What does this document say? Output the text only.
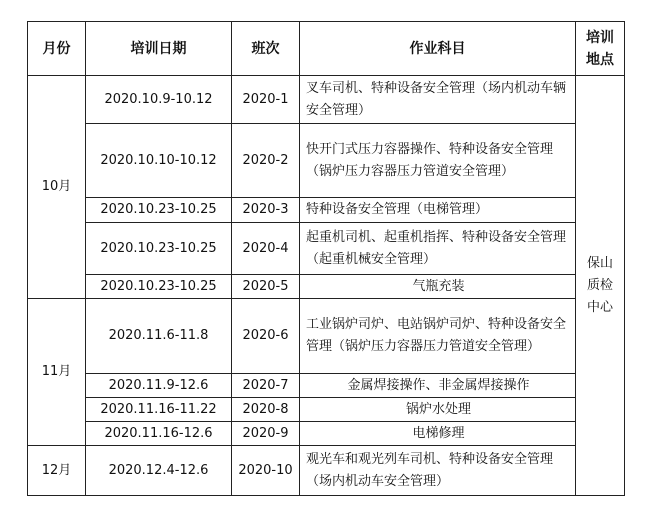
月份	培训日期	班次	作业科目	培训
地点
10月	2020.10.9-10.12	2020-1	叉车司机、特种设备安全管理（场内机动车辆安全管理）	保山
质检
中心
	2020.10.10-10.12	2020-2	快开门式压力容器操作、特种设备安全管理（锅炉压力容器压力管道安全管理）	
	2020.10.23-10.25	2020-3	特种设备安全管理（电梯管理）	
	2020.10.23-10.25	2020-4	起重机司机、起重机指挥、特种设备安全管理（起重机械安全管理）	
	2020.10.23-10.25	2020-5	气瓶充装	
11月	2020.11.6-11.8	2020-6	工业锅炉司炉、电站锅炉司炉、特种设备安全管理（锅炉压力容器压力管道安全管理）	
	2020.11.9-12.6	2020-7	金属焊接操作、非金属焊接操作	
	2020.11.16-11.22	2020-8	锅炉水处理	
	2020.11.16-12.6	2020-9	电梯修理	
12月	2020.12.4-12.6	2020-10	观光车和观光列车司机、特种设备安全管理（场内机动车安全管理）	
